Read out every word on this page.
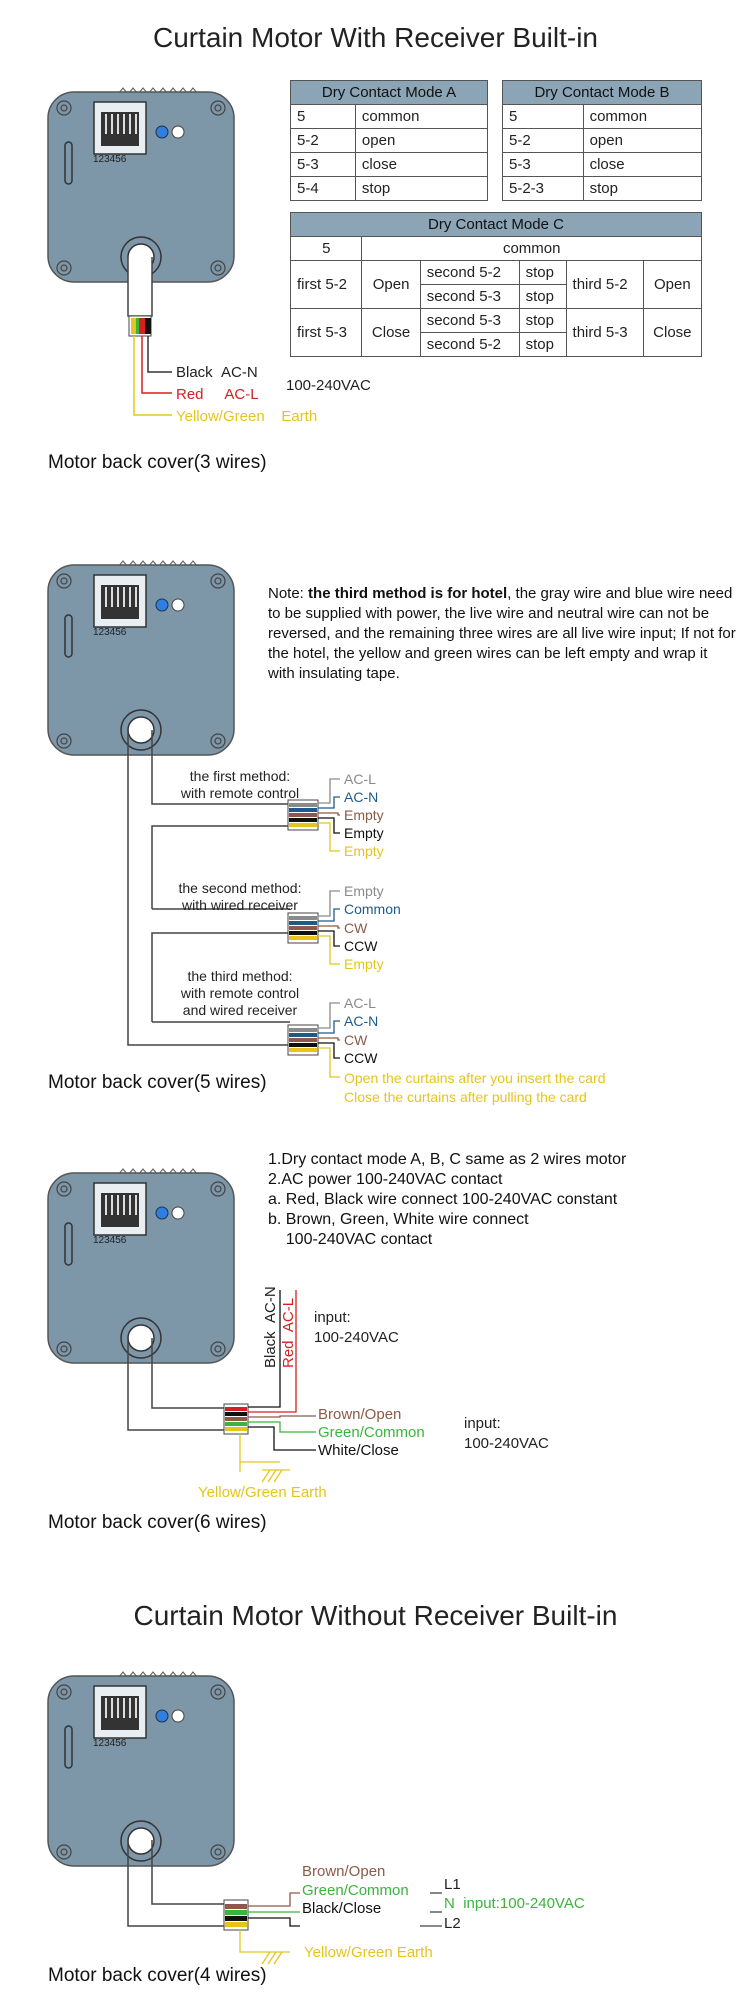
Curtain Motor With Receiver Built-in
123456
123456
123456
123456
Black AC-N
Red AC-L
Yellow/Green Earth
100-240VAC
Motor back cover(3 wires)
Dry Contact Mode A	
5	common
5-2	open
5-3	close
5-4	stop
Dry Contact Mode B	
5	common
5-2	open
5-3	close
5-2-3	stop
Dry Contact Mode C					
5	common				
first 5-2	Open	second 5-2	stop	third 5-2	Open
		second 5-3	stop		
first 5-3	Close	second 5-3	stop	third 5-3	Close
		second 5-2	stop		
Note: the third method is for hotel, the gray wire and blue wire need to be supplied with power, the live wire and neutral wire can not be reversed, and the remaining three wires are all live wire input; If not for the hotel, the yellow and green wires can be left empty and wrap it with insulating tape.
the first method:
with remote control
AC-L
AC-N
Empty
Empty
Empty
the second method:
with wired receiver
Empty
Common
CW
CCW
Empty
the third method:
with remote control
and wired receiver	AC-L
AC-N
CW
CCW
Open the curtains after you insert the card
Close the curtains after pulling the card
Motor back cover(5 wires)
1.Dry contact mode A, B, C same as 2 wires motor
2.AC power 100-240VAC contact
a. Red, Black wire connect 100-240VAC constant
b. Brown, Green, White wire connect
100-240VAC contact
Black  AC-N
Red  AC-L input:
100-240VAC
Brown/Open
Green/Common
White/Close
input:
100-240VAC
Yellow/Green Earth
Motor back cover(6 wires)
Curtain Motor Without Receiver Built-in
Brown/Open
Green/Common
Black/Close
L1
N input:100-240VAC
L2
Yellow/Green Earth
Motor back cover(4 wires)
